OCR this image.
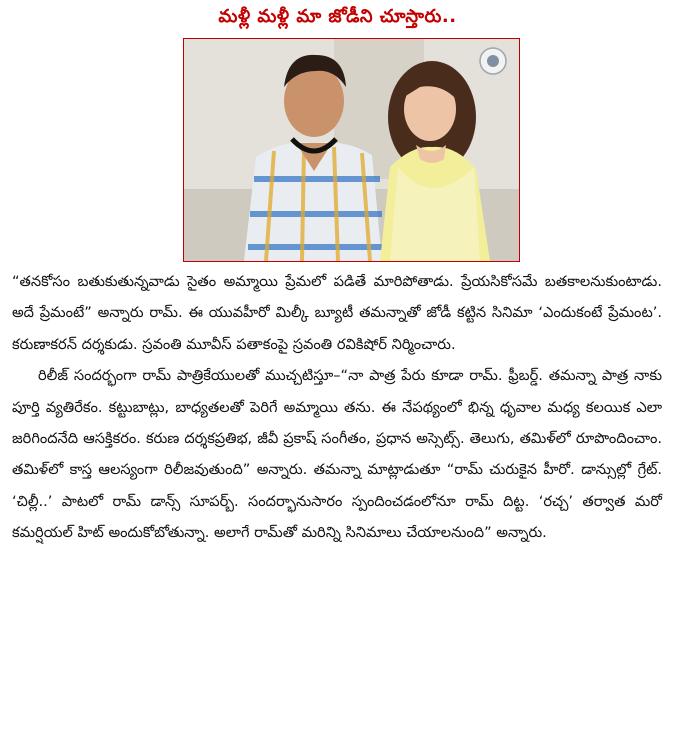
మళ్లీ మళ్లీ మా జోడీని చూస్తారు..

“తనకోసం బతుకుతున్నవాడు సైతం అమ్మాయి ప్రేమలో పడితే మారిపోతాడు. ప్రేయసికోసమే బతకాలనుకుంటాడు. అదే ప్రేమంటే” అన్నారు రామ్. ఈ యువహీరో మిల్కీ బ్యూటీ తమన్నాతో జోడీ కట్టిన సినిమా ‘ఎందుకంటే ప్రేమంట’. కరుణాకరన్ దర్శకుడు. స్రవంతి మూవీస్ పతాకంపై స్రవంతి రవికిషోర్ నిర్మించారు.

రిలీజ్ సందర్భంగా రామ్ పాత్రికేయులతో ముచ్చటిస్తూ–“నా పాత్ర పేరు కూడా రామ్. ఫ్రీబర్డ్. తమన్నా పాత్ర నాకు పూర్తి వ్యతిరేకం. కట్టుబాట్లు, బాధ్యతలతో పెరిగే అమ్మాయి తను. ఈ నేపథ్యంలో భిన్న ధృవాల మధ్య కలయిక ఎలా జరిగిందనేది ఆసక్తికరం. కరుణ దర్శకప్రతిభ, జీవీ ప్రకాష్ సంగీతం, ప్రధాన అస్సెట్స్. తెలుగు, తమిళ్‌లో రూపొందించాం. తమిళ్‌లో కాస్త ఆలస్యంగా రిలీజవుతుంది” అన్నారు. తమన్నా మాట్లాడుతూ “రామ్ చురుకైన హీరో. డాన్సుల్లో గ్రేట్. ‘చిల్లీ..’ పాటలో రామ్ డాన్స్ సూపర్బ్. సందర్భానుసారం స్పందించడంలోనూ రామ్ దిట్ట. ‘రచ్చ’ తర్వాత మరో కమర్షియల్ హిట్ అందుకోబోతున్నా. అలాగే రామ్‌తో మరిన్ని సినిమాలు చేయాలనుంది” అన్నారు.
